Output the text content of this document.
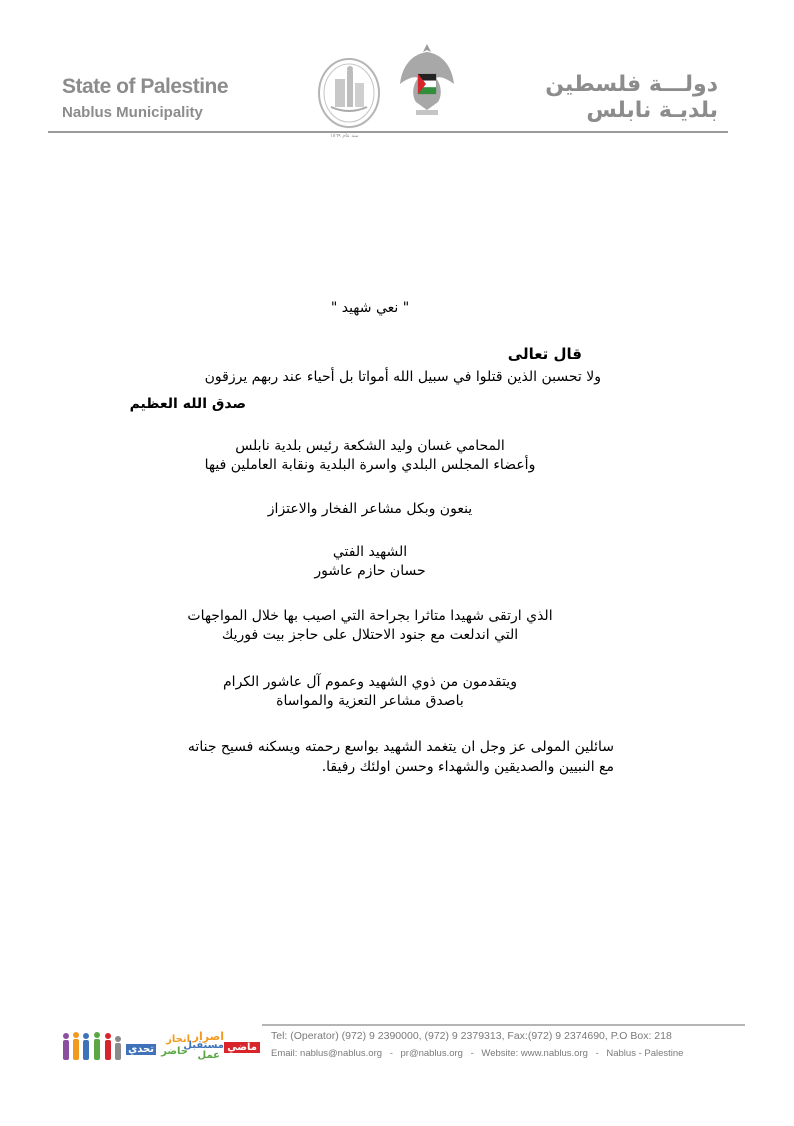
State of Palestine
Nablus Municipality
منذ عام ١٨٦٩
دولـــة فلسطين
بلديـة نابلس
" نعي شهيد "
قال تعالى
ولا تحسبن الذين قتلوا في سبيل الله أمواتا بل أحياء عند ربهم يرزقون
صدق الله العظيم
المحامي غسان وليد الشكعة رئيس بلدية نابلس
وأعضاء المجلس البلدي واسرة البلدية ونقابة العاملين فيها
ينعون وبكل مشاعر الفخار والاعتزاز
الشهيد الفتي
حسان حازم عاشور
الذي ارتقى شهيدا متاثرا بجراحة التي اصيب بها خلال المواجهات
التي اندلعت مع جنود الاحتلال على حاجز بيت فوريك
ويتقدمون من ذوي الشهيد وعموم آل عاشور الكرام
باصدق مشاعر التعزية والمواساة
سائلين المولى عز وجل ان يتغمد الشهيد بواسع رحمته ويسكنه فسيح جناته
مع النبيين والصديقين والشهداء وحسن اولئك رفيقا.
ماضي
اصرار
مستقبل
انجاز
عمل
حاضر
تحدي
Tel: (Operator) (972) 9 2390000, (972) 9 2379313, Fax:(972) 9 2374690, P.O Box: 218
Email: nablus@nablus.org - pr@nablus.org - Website: www.nablus.org - Nablus - Palestine
